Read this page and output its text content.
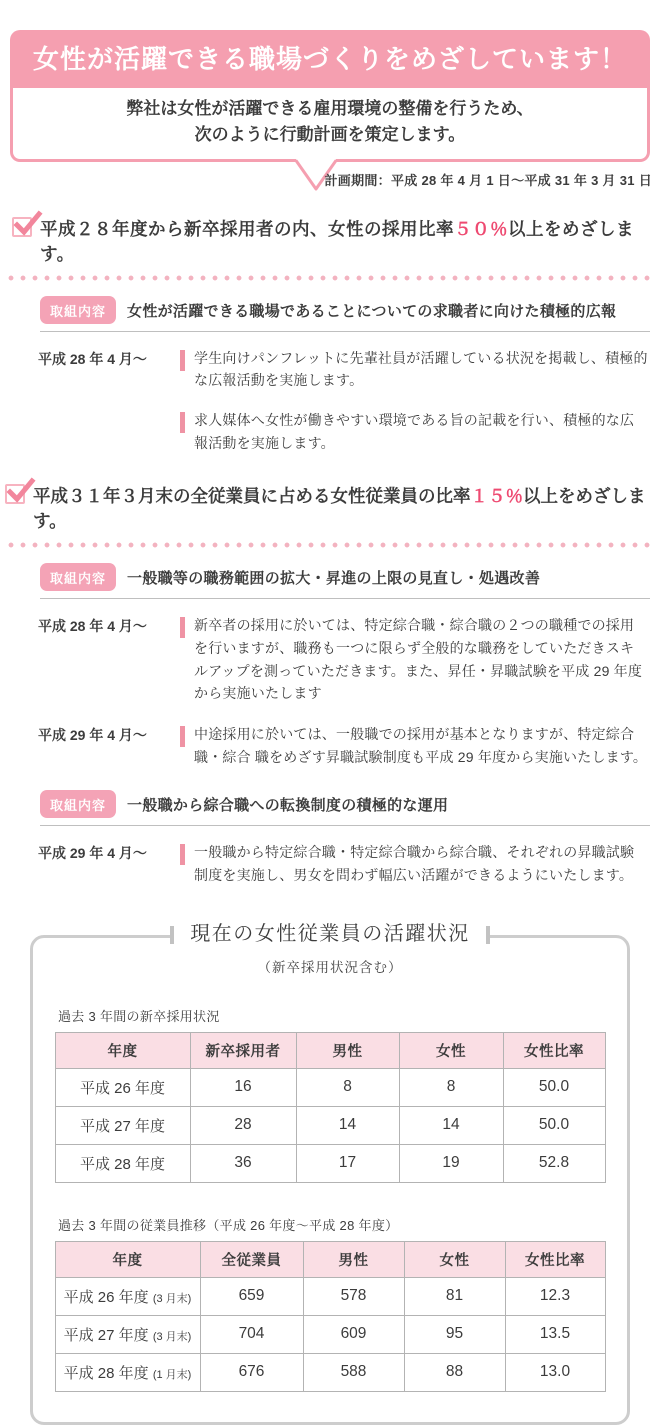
女性が活躍できる職場づくりをめざしています！
弊社は女性が活躍できる雇用環境の整備を行うため、
次のように行動計画を策定します。
計画期間：平成 28 年 4 月 1 日～平成 31 年 3 月 31 日
平成２８年度から新卒採用者の内、女性の採用比率５０％以上をめざします。
取組内容	女性が活躍できる職場であることについての求職者に向けた積極的広報
平成 28 年 4 月～	学生向けパンフレットに先輩社員が活躍している状況を掲載し、積極的な広報活動を実施します。
求人媒体へ女性が働きやすい環境である旨の記載を行い、積極的な広報活動を実施します。
平成３１年３月末の全従業員に占める女性従業員の比率１５％以上をめざします。
取組内容	一般職等の職務範囲の拡大・昇進の上限の見直し・処遇改善
平成 28 年 4 月～	新卒者の採用に於いては、特定綜合職・綜合職の２つの職種での採用を行いますが、職務も一つに限らず全般的な職務をしていただきスキルアップを測っていただきます。また、昇任・昇職試験を平成 29 年度から実施いたします
平成 29 年 4 月～	中途採用に於いては、一般職での採用が基本となりますが、特定綜合職・綜合 職をめざす昇職試験制度も平成 29 年度から実施いたします。
取組内容	一般職から綜合職への転換制度の積極的な運用
平成 29 年 4 月～	一般職から特定綜合職・特定綜合職から綜合職、それぞれの昇職試験制度を実施し、男女を問わず幅広い活躍ができるようにいたします。
現在の女性従業員の活躍状況
（新卒採用状況含む）
過去 3 年間の新卒採用状況
年度	新卒採用者	男性	女性	女性比率
平成 26 年度	16	8	8	50.0
平成 27 年度	28	14	14	50.0
平成 28 年度	36	17	19	52.8
過去 3 年間の従業員推移（平成 26 年度～平成 28 年度）
年度	全従業員	男性	女性	女性比率
平成 26 年度 (3 月末)	659	578	81	12.3
平成 27 年度 (3 月末)	704	609	95	13.5
平成 28 年度 (1 月末)	676	588	88	13.0
